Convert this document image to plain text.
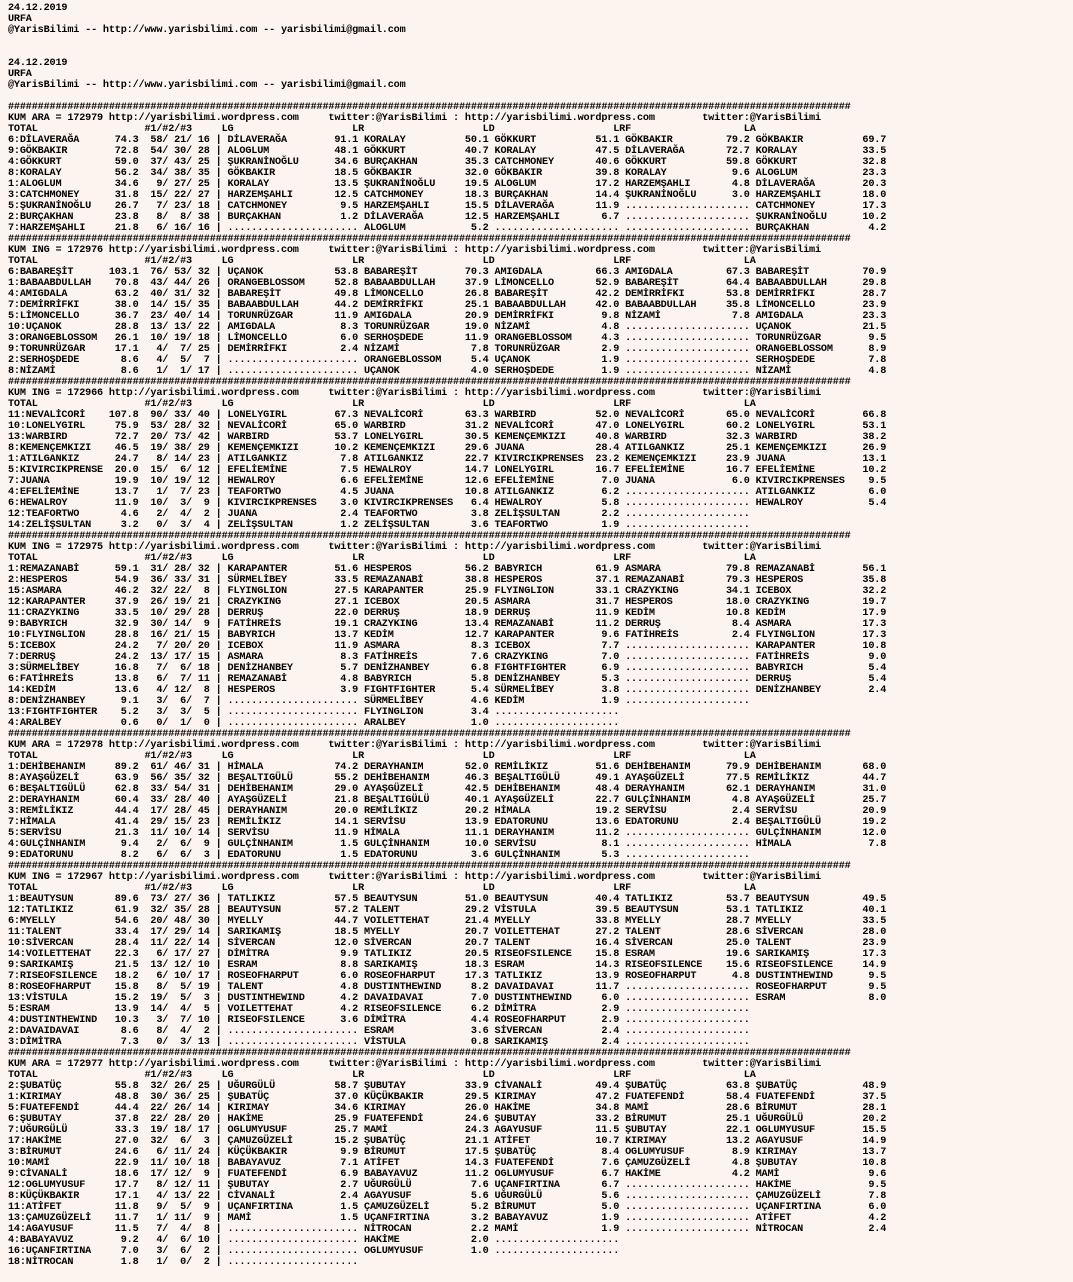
24.12.2019
URFA
@YarisBilimi -- http://www.yarisbilimi.com -- yarisbilimi@gmail.com

24.12.2019
URFA
@YarisBilimi -- http://www.yarisbilimi.com -- yarisbilimi@gmail.com

##############################################################################################################################################
KUM ARA = 172979 http://yarisbilimi.wordpress.com     twitter:@YarisBilimi : http://yarisbilimi.wordpress.com        twitter:@YarisBilimi
TOTAL                  #1/#2/#3     LG                    LR                    LD                    LRF                   LA
6:DİLAVERAĞA      74.3  58/ 21/ 16 | DİLAVERAĞA        91.1 KORALAY          50.1 GÖKKURT          51.1 GÖKBAKIR         79.2 GÖKBAKIR          69.7
9:GÖKBAKIR        72.8  54/ 30/ 28 | ALOGLUM           48.1 GÖKKURT          40.7 KORALAY          47.5 DİLAVERAĞA       72.7 KORALAY           33.5
4:GÖKKURT         59.0  37/ 43/ 25 | ŞUKRANİNOĞLU      34.6 BURÇAKHAN        35.3 CATCHMONEY       40.6 GÖKKURT          59.8 GÖKKURT           32.8
8:KORALAY         56.2  34/ 38/ 35 | GÖKBAKIR          18.5 GÖKBAKIR         32.0 GÖKBAKIR         39.8 KORALAY           9.6 ALOGLUM           23.3
1:ALOGLUM         34.6   9/ 27/ 25 | KORALAY           13.5 ŞUKRANİNOĞLU     19.5 ALOGLUM          17.2 HARZEMŞAHLI       4.8 DİLAVERAĞA        20.3
3:CATCHMONEY      31.8  15/ 22/ 27 | HARZEMŞAHLI       12.5 CATCHMONEY       18.3 BURÇAKHAN        14.4 ŞUKRANİNOĞLU      3.0 HARZEMŞAHLI       18.0
5:ŞUKRANİNOĞLU    26.7   7/ 23/ 18 | CATCHMONEY         9.5 HARZEMŞAHLI      15.5 DİLAVERAĞA       11.9 ..................... CATCHMONEY        17.3
2:BURÇAKHAN       23.8   8/  8/ 38 | BURÇAKHAN          1.2 DİLAVERAĞA       12.5 HARZEMŞAHLI       6.7 ..................... ŞUKRANİNOĞLU      10.2
7:HARZEMŞAHLI     21.8   6/ 16/ 16 | ...................... ALOGLUM           5.2 ..................... ..................... BURÇAKHAN          4.2
##############################################################################################################################################
KUM ING = 172976 http://yarisbilimi.wordpress.com     twitter:@YarisBilimi : http://yarisbilimi.wordpress.com        twitter:@YarisBilimi
TOTAL                  #1/#2/#3     LG                    LR                    LD                    LRF                   LA
6:BABAREŞİT      103.1  76/ 53/ 32 | UÇANOK            53.8 BABAREŞİT        70.3 AMIGDALA         66.3 AMIGDALA         67.3 BABAREŞİT         70.9
1:BABAABDULLAH    70.8  43/ 44/ 26 | ORANGEBLOSSOM     52.8 BABAABDULLAH     37.9 LİMONCELLO       52.9 BABAREŞİT        64.4 BABAABDULLAH      29.8
4:AMIGDALA        63.2  40/ 31/ 32 | BABAREŞİT         49.8 LİMONCELLO       26.8 BABAREŞİT        42.2 DEMİRRİFKI       53.8 DEMİRRİFKI        28.7
7:DEMİRRİFKI      38.0  14/ 15/ 35 | BABAABDULLAH      44.2 DEMİRRİFKI       25.1 BABAABDULLAH     42.0 BABAABDULLAH     35.8 LİMONCELLO        23.9
5:LİMONCELLO      36.7  23/ 40/ 14 | TORUNRÜZGAR       11.9 AMIGDALA         20.9 DEMİRRİFKI        9.8 NİZAMİ            7.8 AMIGDALA          23.3
10:UÇANOK         28.8  13/ 13/ 22 | AMIGDALA           8.3 TORUNRÜZGAR      19.0 NİZAMİ            4.8 ..................... UÇANOK            21.5
3:ORANGEBLOSSOM   26.1  10/ 19/ 18 | LİMONCELLO         6.0 SERHOŞDEDE       11.9 ORANGEBLOSSOM     4.3 ..................... TORUNRÜZGAR        9.5
9:TORUNRÜZGAR     17.1   4/  7/ 25 | DEMİRRİFKI         2.4 NİZAMİ            7.8 TORUNRÜZGAR       2.9 ..................... ORANGEBLOSSOM      8.9
2:SERHOŞDEDE       8.6   4/  5/  7 | ...................... ORANGEBLOSSOM     5.4 UÇANOK            1.9 ..................... SERHOŞDEDE         7.8
8:NİZAMİ           8.6   1/  1/ 17 | ...................... UÇANOK            4.0 SERHOŞDEDE        1.9 ..................... NİZAMİ             4.8
##############################################################################################################################################
KUM ING = 172966 http://yarisbilimi.wordpress.com     twitter:@YarisBilimi : http://yarisbilimi.wordpress.com        twitter:@YarisBilimi
TOTAL                  #1/#2/#3     LG                    LR                    LD                    LRF                   LA
11:NEVALİCORİ    107.8  90/ 33/ 40 | LONELYGIRL        67.3 NEVALİCORİ       63.3 WARBIRD          52.0 NEVALİCORİ       65.0 NEVALİCORİ        66.8
10:LONELYGIRL     75.9  53/ 28/ 32 | NEVALİCORİ        65.0 WARBIRD          31.2 NEVALİCORİ       47.0 LONELYGIRL       60.2 LONELYGIRL        53.1
13:WARBIRD        72.7  20/ 73/ 42 | WARBIRD           53.7 LONELYGIRL       30.5 KEMENÇEMKIZI     40.8 WARBIRD          32.3 WARBIRD           38.2
8:KEMENÇEMKIZI    46.5  19/ 38/ 29 | KEMENÇEMKIZI      10.2 KEMENÇEMKIZI     29.6 JUANA            28.4 ATILGANKIZ       25.1 KEMENÇEMKIZI      26.9
1:ATILGANKIZ      24.7   8/ 14/ 23 | ATILGANKIZ         7.8 ATILGANKIZ       22.7 KIVIRCIKPRENSES  23.2 KEMENÇEMKIZI     23.9 JUANA             13.1
5:KIVIRCIKPRENSE  20.0  15/  6/ 12 | EFELİEMİNE         7.5 HEWALROY         14.7 LONELYGIRL       16.7 EFELİEMİNE       16.7 EFELİEMİNE        10.2
7:JUANA           19.9  10/ 19/ 12 | HEWALROY           6.6 EFELİEMİNE       12.6 EFELİEMİNE        7.0 JUANA             6.0 KIVIRCIKPRENSES    9.5
4:EFELİEMİNE      13.7   1/  7/ 23 | TEAFORTWO          4.5 JUANA            10.8 ATILGANKIZ        6.2 ..................... ATILGANKIZ         6.0
6:HEWALROY        11.9  10/  3/  9 | KIVIRCIKPRENSES    3.0 KIVIRCIKPRENSES   6.4 HEWALROY          5.8 ..................... HEWALROY           5.4
12:TEAFORTWO       4.6   2/  4/  2 | JUANA              2.4 TEAFORTWO         3.8 ZELİŞSULTAN       2.2 .....................
14:ZELİŞSULTAN     3.2   0/  3/  4 | ZELİŞSULTAN        1.2 ZELİŞSULTAN       3.6 TEAFORTWO         1.9 .....................
##############################################################################################################################################
KUM ING = 172975 http://yarisbilimi.wordpress.com     twitter:@YarisBilimi : http://yarisbilimi.wordpress.com        twitter:@YarisBilimi
TOTAL                  #1/#2/#3     LG                    LR                    LD                    LRF                   LA
1:REMAZANABİ      59.1  31/ 28/ 32 | KARAPANTER        51.6 HESPEROS         56.2 BABYRICH         61.9 ASMARA           79.8 REMAZANABİ        56.1
2:HESPEROS        54.9  36/ 33/ 31 | SÜRMELİBEY        33.5 REMAZANABİ       38.8 HESPEROS         37.1 REMAZANABİ       79.3 HESPEROS          35.8
15:ASMARA         46.2  32/ 22/  8 | FLYINGLION        27.5 KARAPANTER       25.9 FLYINGLION       33.1 CRAZYKING        34.1 ICEBOX            32.2
12:KARAPANTER     37.9  26/ 19/ 21 | CRAZYKING         27.1 ICEBOX           20.5 ASMARA           31.7 HESPEROS         18.0 CRAZYKING         19.7
11:CRAZYKING      33.5  10/ 29/ 28 | DERRUŞ            22.0 DERRUŞ           18.9 DERRUŞ           11.9 KEDİM            10.8 KEDİM             17.9
9:BABYRICH        32.9  30/ 14/  9 | FATİHREİS         19.1 CRAZYKING        13.4 REMAZANABİ       11.2 DERRUŞ            8.4 ASMARA            17.3
10:FLYINGLION     28.8  16/ 21/ 15 | BABYRICH          13.7 KEDİM            12.7 KARAPANTER        9.6 FATİHREİS         2.4 FLYINGLION        17.3
5:ICEBOX          24.2   7/ 20/ 20 | ICEBOX            11.9 ASMARA            8.3 ICEBOX            7.7 ..................... KARAPANTER        10.8
7:DERRUŞ          24.2  13/ 17/ 15 | ASMARA             8.3 FATİHREİS         7.6 CRAZYKING         7.0 ..................... FATİHREİS          9.0
3:SÜRMELİBEY      16.8   7/  6/ 18 | DENİZHANBEY        5.7 DENİZHANBEY       6.8 FIGHTFIGHTER      6.9 ..................... BABYRICH           5.4
6:FATİHREİS       13.8   6/  7/ 11 | REMAZANABİ         4.8 BABYRICH          5.8 DENİZHANBEY       5.3 ..................... DERRUŞ             5.4
14:KEDİM          13.6   4/ 12/  8 | HESPEROS           3.9 FIGHTFIGHTER      5.4 SÜRMELİBEY        3.8 ..................... DENİZHANBEY        2.4
8:DENİZHANBEY      9.1   3/  6/  7 | ...................... SÜRMELİBEY        4.6 KEDİM             1.9 .....................
13:FIGHTFIGHTER    5.2   3/  3/  5 | ...................... FLYINGLION        3.4 .....................
4:ARALBEY          0.6   0/  1/  0 | ...................... ARALBEY           1.0 .....................
##############################################################################################################################################
KUM ARA = 172978 http://yarisbilimi.wordpress.com     twitter:@YarisBilimi : http://yarisbilimi.wordpress.com        twitter:@YarisBilimi
TOTAL                  #1/#2/#3     LG                    LR                    LD                    LRF                   LA
1:DEHİBEHANIM     89.2  61/ 46/ 31 | HİMALA            74.2 DERAYHANIM       52.0 REMİLİKIZ        51.6 DEHİBEHANIM      79.9 DEHİBEHANIM       68.0
8:AYAŞGÜZELİ      63.9  56/ 35/ 32 | BEŞALTIGÜLÜ       55.2 DEHİBEHANIM      46.3 BEŞALTIGÜLÜ      49.1 AYAŞGÜZELİ       77.5 REMİLİKIZ         44.7
6:BEŞALTIGÜLÜ     62.8  33/ 54/ 31 | DEHİBEHANIM       29.0 AYAŞGÜZELİ       42.5 DEHİBEHANIM      48.4 DERAYHANIM       62.1 DERAYHANIM        31.0
2:DERAYHANIM      60.4  33/ 28/ 40 | AYAŞGÜZELİ        21.8 BEŞALTIGÜLÜ      40.1 AYAŞGÜZELİ       22.7 GULÇİNHANIM       4.8 AYAŞGÜZELİ        25.7
3:REMİLİKIZ       44.4  17/ 28/ 45 | DERAYHANIM        20.0 REMİLİKIZ        20.2 HİMALA           19.2 SERVİSU           2.4 SERVİSU           20.9
7:HİMALA          41.4  29/ 15/ 23 | REMİLİKIZ         14.1 SERVİSU          13.9 EDATORUNU        13.6 EDATORUNU         2.4 BEŞALTIGÜLÜ       19.2
5:SERVİSU         21.3  11/ 10/ 14 | SERVİSU           11.9 HİMALA           11.1 DERAYHANIM       11.2 ..................... GULÇİNHANIM       12.0
4:GULÇİNHANIM      9.4   2/  6/  9 | GULÇİNHANIM        1.5 GULÇİNHANIM      10.0 SERVİSU           8.1 ..................... HİMALA             7.8
9:EDATORUNU        8.2   6/  6/  3 | EDATORUNU          1.5 EDATORUNU         3.6 GULÇİNHANIM       5.3 .....................
##############################################################################################################################################
KUM ING = 172967 http://yarisbilimi.wordpress.com     twitter:@YarisBilimi : http://yarisbilimi.wordpress.com        twitter:@YarisBilimi
TOTAL                  #1/#2/#3     LG                    LR                    LD                    LRF                   LA
1:BEAUTYSUN       89.6  73/ 27/ 36 | TATLIKIZ          57.5 BEAUTYSUN        51.0 BEAUTYSUN        40.4 TATLIKIZ         53.7 BEAUTYSUN         49.5
12:TATLIKIZ       61.9  32/ 35/ 28 | BEAUTYSUN         57.2 TALENT           29.2 VİSTULA          39.5 BEAUTYSUN        53.1 TATLIKIZ          40.1
6:MYELLY          54.6  20/ 48/ 30 | MYELLY            44.7 VOILETTEHAT      21.4 MYELLY           33.8 MYELLY           28.7 MYELLY            33.5
11:TALENT         33.4  17/ 29/ 14 | SARIKAMIŞ         18.5 MYELLY           20.7 VOILETTEHAT      27.2 TALENT           28.6 SİVERCAN          28.0
10:SİVERCAN       28.4  11/ 22/ 14 | SİVERCAN          12.0 SİVERCAN         20.7 TALENT           16.4 SİVERCAN         25.0 TALENT            23.9
14:VOILETTEHAT    22.3   6/ 17/ 27 | DİMİTRA            9.9 TATLIKIZ         20.5 RISEOFSILENCE    15.8 ESRAM            19.6 SARIKAMIŞ         17.3
9:SARIKAMIŞ       21.5  13/ 12/ 10 | ESRAM              8.8 SARIKAMIŞ        18.3 ESRAM            14.3 RISEOFSILENCE    15.6 RISEOFSILENCE     14.9
7:RISEOFSILENCE   18.2   6/ 10/ 17 | ROSEOFHARPUT       6.0 ROSEOFHARPUT     17.3 TATLIKIZ         13.9 ROSEOFHARPUT      4.8 DUSTINTHEWIND      9.5
8:ROSEOFHARPUT    15.8   8/  5/ 19 | TALENT             4.8 DUSTINTHEWIND     8.2 DAVAIDAVAI       11.7 ..................... ROSEOFHARPUT       9.5
13:VİSTULA        15.2  19/  5/  3 | DUSTINTHEWIND      4.2 DAVAIDAVAI        7.0 DUSTINTHEWIND     6.0 ..................... ESRAM              8.0
5:ESRAM           13.9  14/  4/  5 | VOILETTEHAT        4.2 RISEOFSILENCE     6.2 DİMİTRA           2.9 .....................
4:DUSTINTHEWIND   10.3   3/  7/ 10 | RISEOFSILENCE      3.6 DİMİTRA           4.4 ROSEOFHARPUT      2.9 .....................
2:DAVAIDAVAI       8.6   8/  4/  2 | ...................... ESRAM             3.6 SİVERCAN          2.4 .....................
3:DİMİTRA          7.3   0/  3/ 13 | ...................... VİSTULA           0.8 SARIKAMIŞ         2.4 .....................
##############################################################################################################################################
KUM ARA = 172977 http://yarisbilimi.wordpress.com     twitter:@YarisBilimi : http://yarisbilimi.wordpress.com        twitter:@YarisBilimi
TOTAL                  #1/#2/#3     LG                    LR                    LD                    LRF                   LA
2:ŞUBATÜÇ         55.8  32/ 26/ 25 | UĞURGÜLÜ          58.7 ŞUBUTAY          33.9 CİVANALİ         49.4 ŞUBATÜÇ          63.8 ŞUBATÜÇ           48.9
1:KIRIMAY         48.8  30/ 36/ 25 | ŞUBATÜÇ           37.0 KÜÇÜKBAKIR       29.5 KIRIMAY          47.2 FUATEFENDİ       58.4 FUATEFENDİ        37.5
5:FUATEFENDİ      44.4  22/ 26/ 14 | KIRIMAY           34.6 KIRIMAY          26.0 HAKİME           34.8 MAMİ             28.6 BİRUMUT           28.1
6:ŞUBUTAY         37.8  22/ 28/ 20 | HAKİME            25.9 FUATEFENDİ       24.6 ŞUBUTAY          33.2 BİRUMUT          25.1 UĞURGÜLÜ          20.2
7:UĞURGÜLÜ        33.3  19/ 18/ 17 | OGLUMYUSUF        25.7 MAMİ             24.3 AGAYUSUF         11.5 ŞUBUTAY          22.1 OGLUMYUSUF        15.5
17:HAKİME         27.0  32/  6/  3 | ÇAMUZGÜZELİ       15.2 ŞUBATÜÇ          21.1 ATİFET           10.7 KIRIMAY          13.2 AGAYUSUF          14.9
3:BİRUMUT         24.6   6/ 11/ 24 | KÜÇÜKBAKIR         9.9 BİRUMUT          17.5 ŞUBATÜÇ           8.4 OGLUMYUSUF        8.9 KIRIMAY           13.7
10:MAMİ           22.9  11/ 10/ 18 | BABAYAVUZ          7.1 ATİFET           14.3 FUATEFENDİ        7.6 ÇAMUZGÜZELİ       4.8 ŞUBUTAY           10.8
9:CİVANALİ        18.6  17/ 12/  9 | FUATEFENDİ         6.9 BABAYAVUZ        11.2 OGLUMYUSUF        6.7 HAKİME            4.2 MAMİ               9.6
12:OGLUMYUSUF     17.7   8/ 12/ 11 | ŞUBUTAY            2.7 UĞURGÜLÜ          7.6 UÇANFIRTINA       6.7 ..................... HAKİME             9.5
8:KÜÇÜKBAKIR      17.1   4/ 13/ 22 | CİVANALİ           2.4 AGAYUSUF          5.6 UĞURGÜLÜ          5.6 ..................... ÇAMUZGÜZELİ        7.8
11:ATİFET         11.8   9/  5/  9 | UÇANFIRTINA        1.5 ÇAMUZGÜZELİ       5.2 BİRUMUT           5.0 ..................... UÇANFIRTINA        6.0
13:ÇAMUZGÜZELİ    11.7   1/ 11/  9 | MAMİ               1.5 UÇANFIRTINA       3.2 BABAYAVUZ         1.9 ..................... ATİFET             4.2
14:AGAYUSUF       11.5   7/  4/  8 | ...................... NİTROCAN          2.2 MAMİ              1.9 ..................... NİTROCAN           2.4
4:BABAYAVUZ        9.2   4/  6/ 10 | ...................... HAKİME            2.0 .....................
16:UÇANFIRTINA     7.0   3/  6/  2 | ...................... OGLUMYUSUF        1.0 .....................
18:NİTROCAN        1.8   1/  0/  2 | ......................
